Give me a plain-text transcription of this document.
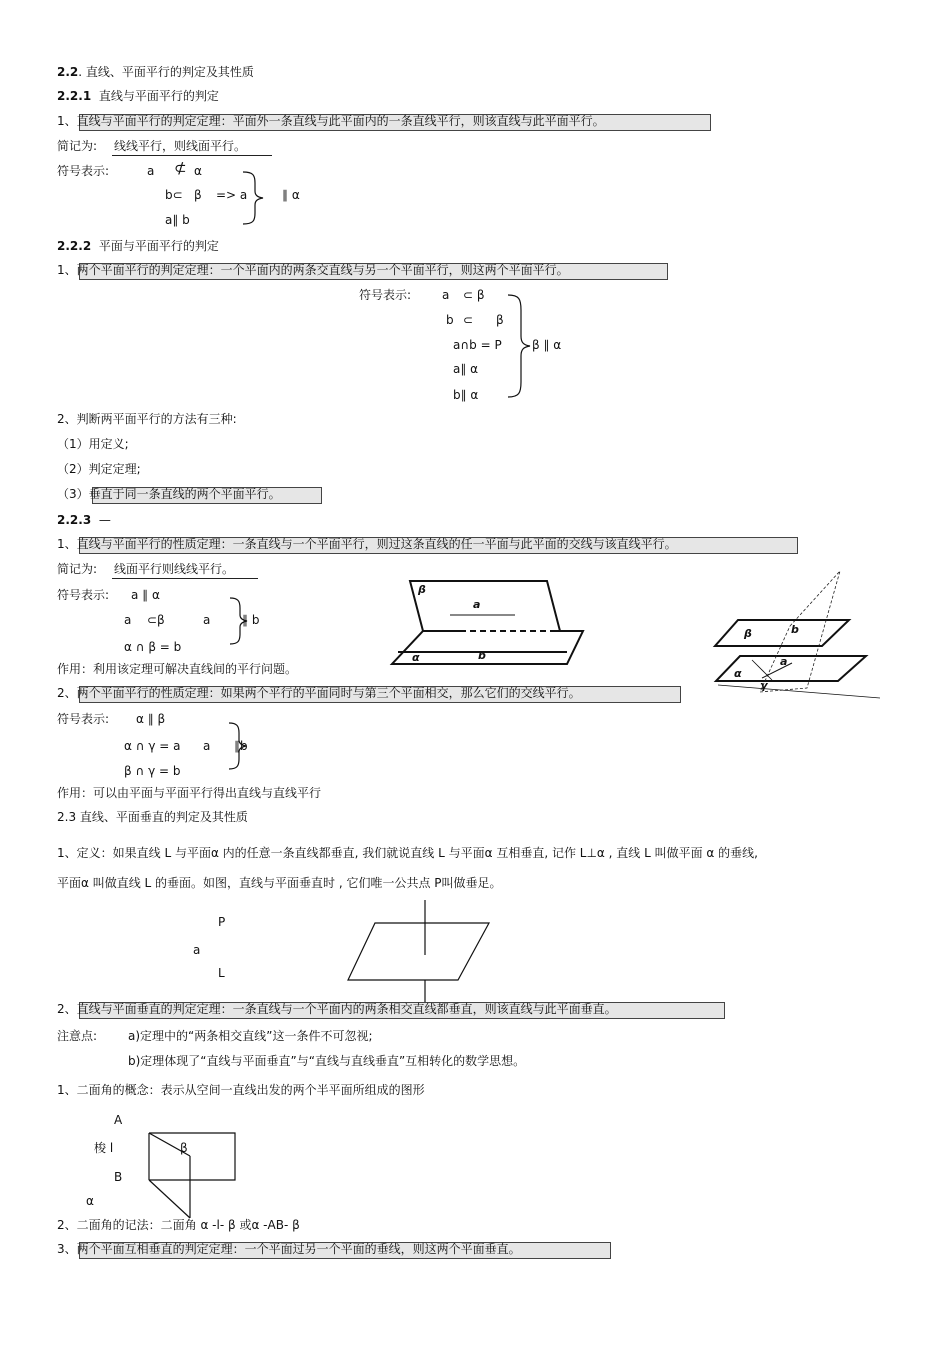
2.2. 直线、平面平行的判定及其性质
2.2.1 直线与平面平行的判定
1、直线与平面平行的判定定理：平面外一条直线与此平面内的一条直线平行，则该直线与此平面平行。
简记为: 线线平行，则线面平行。
符号表示:	a ⊄ α
b⊂ β => a	∥ α
a∥ b
2.2.2 平面与平面平行的判定
1、两个平面平行的判定定理：一个平面内的两条交直线与另一个平面平行，则这两个平面平行。
符号表示:	a ⊂ β
b ⊂ β
a∩b = P	β ∥ α
a∥ α
b∥ α
2、判断两平面平行的方法有三种:
（1）用定义;
（2）判定定理;
（3）垂直于同一条直线的两个平面平行。
2.2.3 —
1、直线与平面平行的性质定理：一条直线与一个平面平行，则过这条直线的任一平面与此平面的交线与该直线平行。
简记为: 线面平行则线线平行。
符号表示: a ∥ α
a ⊂β	a	∥ b
α ∩ β = b
作用：利用该定理可解决直线间的平行问题。
2、两个平面平行的性质定理：如果两个平行的平面同时与第三个平面相交，那么它们的交线平行。
符号表示: α ∥ β
α ∩ γ = a a ∥b
β ∩ γ = b
作用：可以由平面与平面平行得出直线与直线平行
β
a
α	b
β	b
a
α
γ
2.3 直线、平面垂直的判定及其性质
1、定义：如果直线 L 与平面α 内的任意一条直线都垂直, 我们就说直线 L 与平面α 互相垂直, 记作 L⊥α , 直线 L 叫做平面 α 的垂线,
平面α 叫做直线 L 的垂面。如图，直线与平面垂直时 , 它们唯一公共点 P叫做垂足。
P
a
L
2、直线与平面垂直的判定定理：一条直线与一个平面内的两条相交直线都垂直，则该直线与此平面垂直。
注意点:	a)定理中的“两条相交直线”这一条件不可忽视;
b)定理体现了“直线与平面垂直”与“直线与直线垂直”互相转化的数学思想。
1、二面角的概念：表示从空间一直线出发的两个半平面所组成的图形
A
梭 l
B
α
β
2、二面角的记法：二面角 α -l- β 或α -AB- β
3、两个平面互相垂直的判定定理：一个平面过另一个平面的垂线，则这两个平面垂直。
